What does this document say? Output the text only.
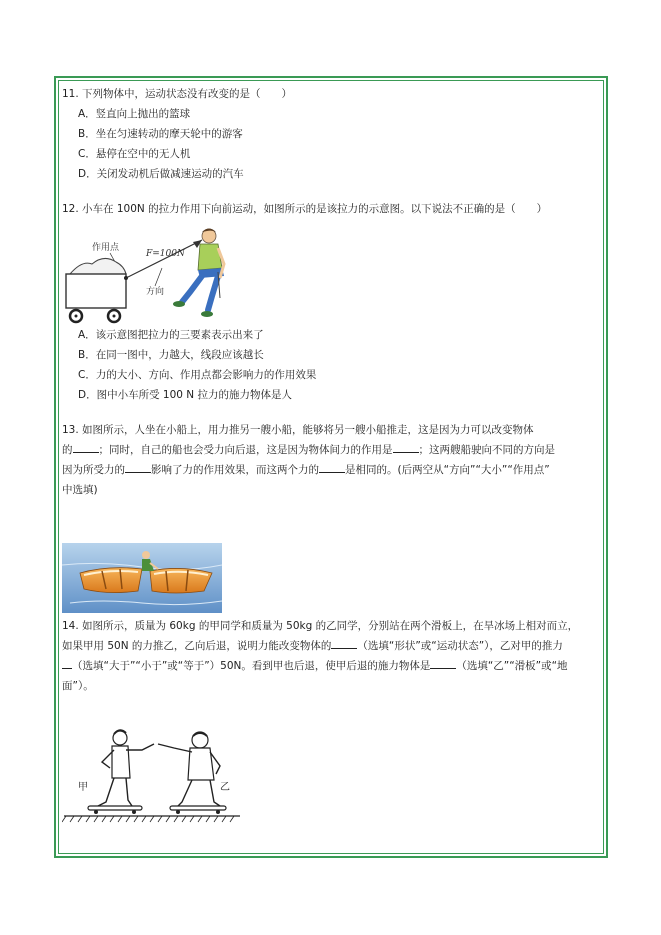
11. 下列物体中，运动状态没有改变的是（　　）
A．竖直向上抛出的篮球
B．坐在匀速转动的摩天轮中的游客
C．悬停在空中的无人机
D．关闭发动机后做减速运动的汽车
12. 小车在 100N 的拉力作用下向前运动，如图所示的是该拉力的示意图。以下说法不正确的是（　　）
A．该示意图把拉力的三要素表示出来了
B．在同一图中，力越大，线段应该越长
C．力的大小、方向、作用点都会影响力的作用效果
D．图中小车所受 100 N 拉力的施力物体是人
13. 如图所示，人坐在小船上，用力推另一艘小船，能够将另一艘小船推走，这是因为力可以改变物体
的 ；同时，自己的船也会受力向后退，这是因为物体间力的作用是 ；这两艘船驶向不同的方向是
因为所受力的 影响了力的作用效果，而这两个力的 是相同的。(后两空从“方向”“大小”“作用点”
中选填)
14. 如图所示，质量为 60kg 的甲同学和质量为 50kg 的乙同学，分别站在两个滑板上，在旱冰场上相对而立，
如果甲用 50N 的力推乙，乙向后退，说明力能改变物体的 （选填“形状”或“运动状态”），乙对甲的推力
（选填“大于”“小于”或“等于”）50N。看到甲也后退，使甲后退的施力物体是 （选填“乙”“滑板”或“地
面”）。
作用点
F=100N
方向
甲	乙
